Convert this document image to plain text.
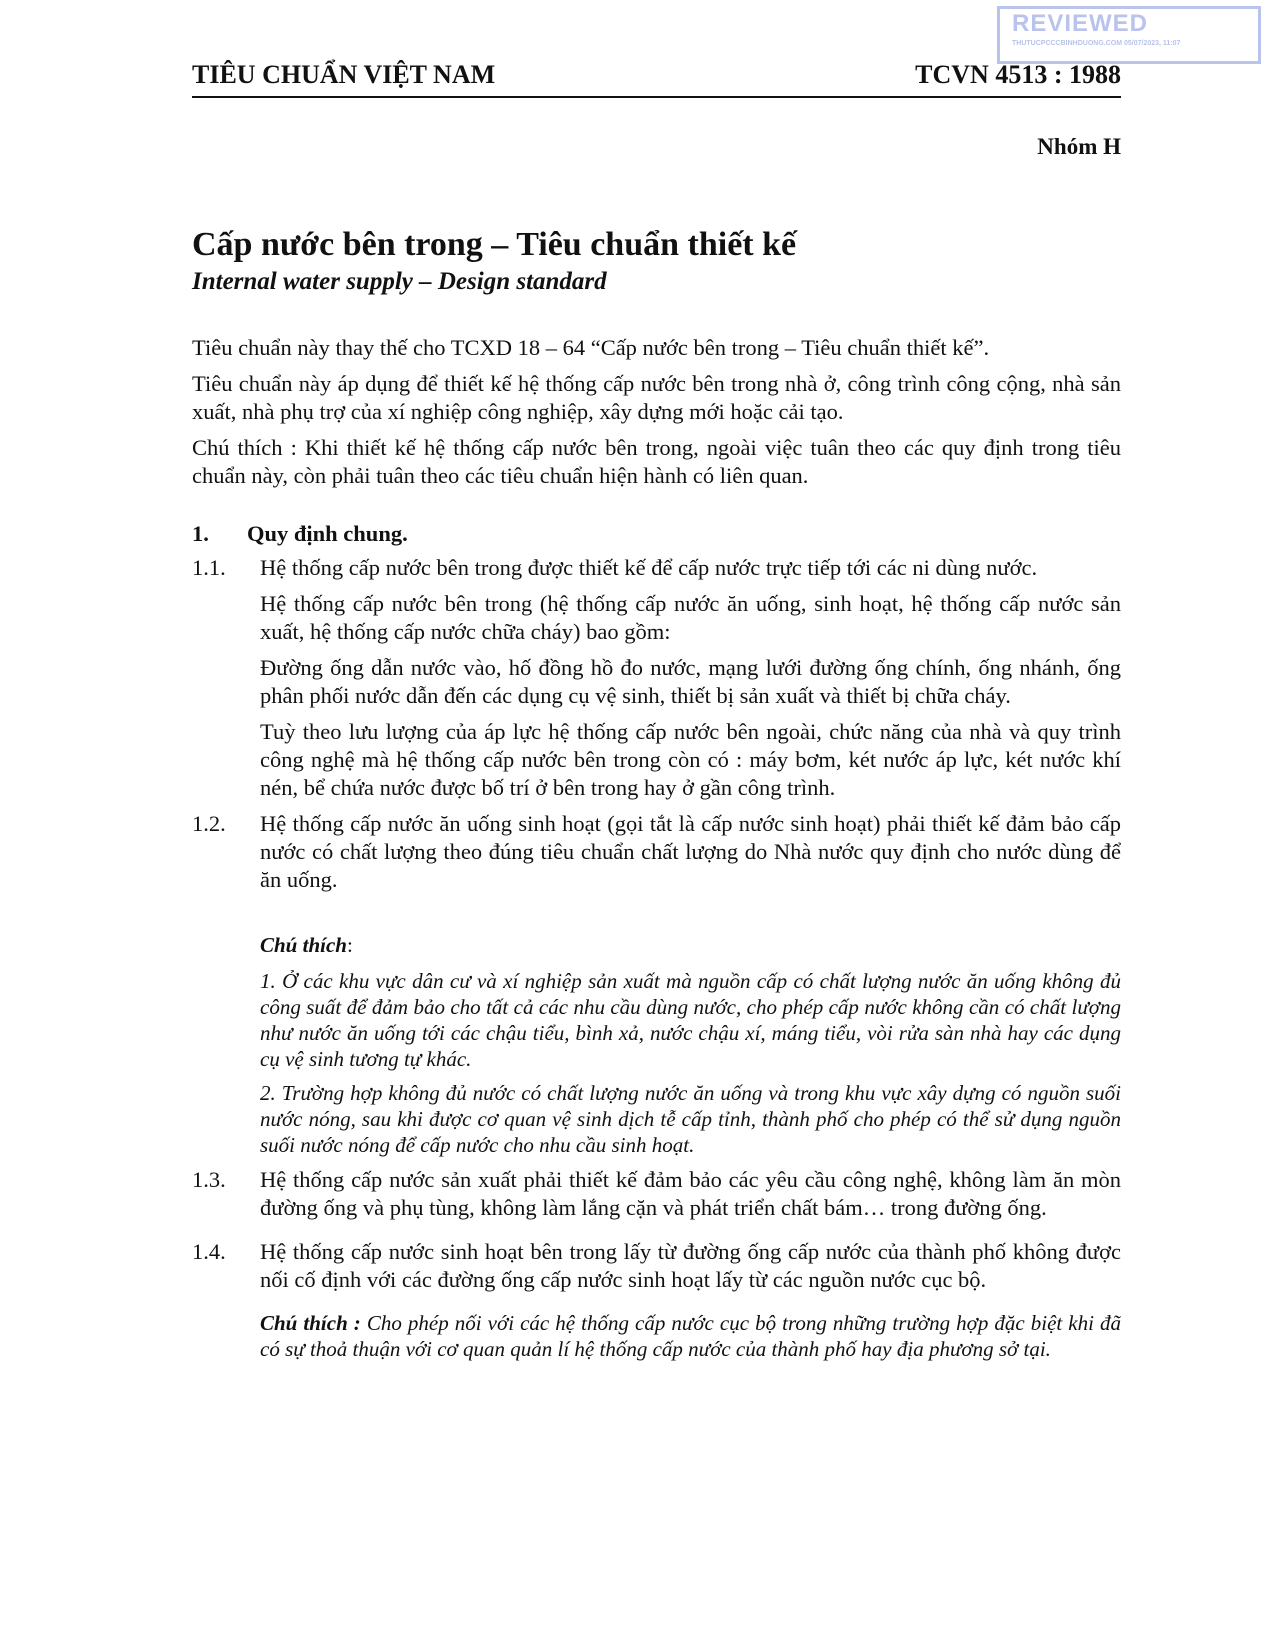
REVIEWED
THUTUCPCCCBINHDUONG.COM 05/07/2023, 11:07
TIÊU CHUẨN VIỆT NAM	TCVN 4513 : 1988
Nhóm H
Cấp nước bên trong – Tiêu chuẩn thiết kế
Internal water supply – Design standard

Tiêu chuẩn này thay thế cho TCXD 18 – 64 “Cấp nước bên trong – Tiêu chuẩn thiết kế”.

Tiêu chuẩn này áp dụng để thiết kế hệ thống cấp nước bên trong nhà ở, công trình công cộng, nhà sản xuất, nhà phụ trợ của xí nghiệp công nghiệp, xây dựng mới hoặc cải tạo.

Chú thích : Khi thiết kế hệ thống cấp nước bên trong, ngoài việc tuân theo các quy định trong tiêu chuẩn này, còn phải tuân theo các tiêu chuẩn hiện hành có liên quan.

1.	Quy định chung.
1.1.	Hệ thống cấp nước bên trong được thiết kế để cấp nước trực tiếp tới các ni dùng nước.

Hệ thống cấp nước bên trong (hệ thống cấp nước ăn uống, sinh hoạt, hệ thống cấp nước sản xuất, hệ thống cấp nước chữa cháy) bao gồm:

Đường ống dẫn nước vào, hố đồng hồ đo nước, mạng lưới đường ống chính, ống nhánh, ống phân phối nước dẫn đến các dụng cụ vệ sinh, thiết bị sản xuất và thiết bị chữa cháy.

Tuỳ theo lưu lượng của áp lực hệ thống cấp nước bên ngoài, chức năng của nhà và quy trình công nghệ mà hệ thống cấp nước bên trong còn có : máy bơm, két nước áp lực, két nước khí nén, bể chứa nước được bố trí ở bên trong hay ở gần công trình.

1.2.	Hệ thống cấp nước ăn uống sinh hoạt (gọi tắt là cấp nước sinh hoạt) phải thiết kế đảm bảo cấp nước có chất lượng theo đúng tiêu chuẩn chất lượng do Nhà nước quy định cho nước dùng để ăn uống.

Chú thích:

1. Ở các khu vực dân cư và xí nghiệp sản xuất mà nguồn cấp có chất lượng nước ăn uống không đủ công suất để đảm bảo cho tất cả các nhu cầu dùng nước, cho phép cấp nước không cần có chất lượng như nước ăn uống tới các chậu tiểu, bình xả, nước chậu xí, máng tiểu, vòi rửa sàn nhà hay các dụng cụ vệ sinh tương tự khác.

2. Trường hợp không đủ nước có chất lượng nước ăn uống và trong khu vực xây dựng có nguồn suối nước nóng, sau khi được cơ quan vệ sinh dịch tễ cấp tỉnh, thành phố cho phép có thể sử dụng nguồn suối nước nóng để cấp nước cho nhu cầu sinh hoạt.

1.3.	Hệ thống cấp nước sản xuất phải thiết kế đảm bảo các yêu cầu công nghệ, không làm ăn mòn đường ống và phụ tùng, không làm lắng cặn và phát triển chất bám… trong đường ống.

1.4.	Hệ thống cấp nước sinh hoạt bên trong lấy từ đường ống cấp nước của thành phố không được nối cố định với các đường ống cấp nước sinh hoạt lấy từ các nguồn nước cục bộ.

Chú thích : Cho phép nối với các hệ thống cấp nước cục bộ trong những trường hợp đặc biệt khi đã có sự thoả thuận với cơ quan quản lí hệ thống cấp nước của thành phố hay địa phương sở tại.
